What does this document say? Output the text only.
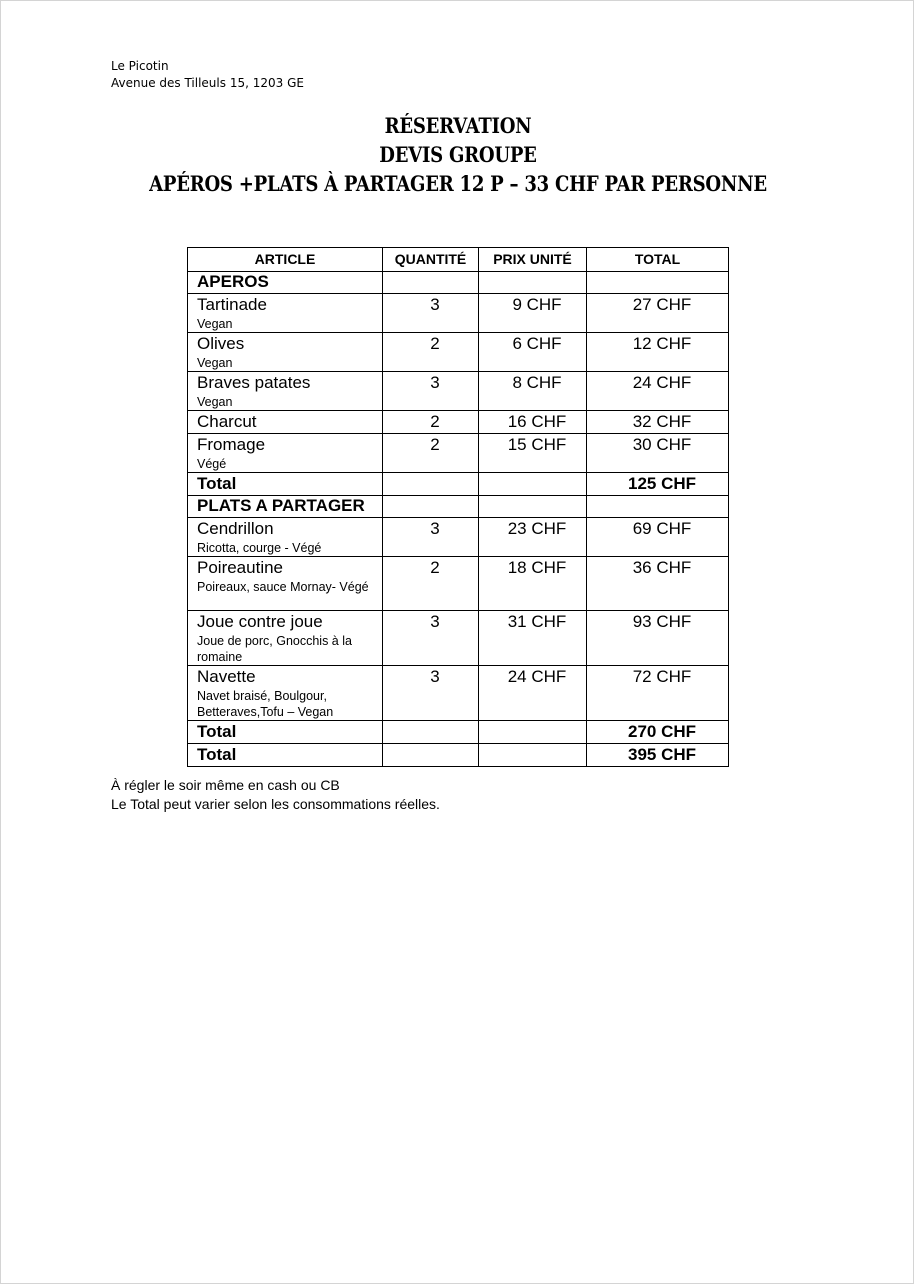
Le Picotin
Avenue des Tilleuls 15, 1203 GE
RÉSERVATION
DEVIS GROUPE
APÉROS +PLATS À PARTAGER 12 P – 33 CHF PAR PERSONNE
ARTICLE	QUANTITÉ	PRIX UNITÉ	TOTAL
APEROS			

Tartinade
Vegan	3	9 CHF	27 CHF

Olives
Vegan	2	6 CHF	12 CHF

Braves patates
Vegan	3	8 CHF	24 CHF

Charcut	2	16 CHF	32 CHF

Fromage
Végé	2	15 CHF	30 CHF
Total			125 CHF
PLATS A PARTAGER			

Cendrillon
Ricotta, courge - Végé	3	23 CHF	69 CHF

Poireautine
Poireaux, sauce Mornay- Végé	2	18 CHF	36 CHF

Joue contre joue
Joue de porc, Gnocchis à la romaine	3	31 CHF	93 CHF

Navette
Navet braisé, Boulgour, Betteraves,Tofu – Vegan	3	24 CHF	72 CHF
Total			270 CHF
Total			395 CHF
À régler le soir même en cash ou CB
Le Total peut varier selon les consommations réelles.
